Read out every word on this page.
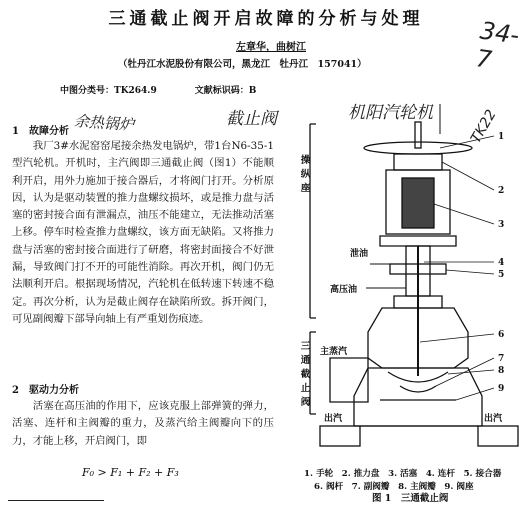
三通截止阀开启故障的分析与处理
左章华，曲树江
（牡丹江水泥股份有限公司，黑龙江　牡丹江　157041）
中图分类号：TK264.9	文献标识码：B
34-7
机阳汽轮机	TK22
余热锅炉	截止阀
1　故障分析
我厂3#水泥窑窑尾接余热发电锅炉，带1台N6-35-1型汽轮机。开机时，主汽阀即三通截止阀（图1）不能顺利开启，用外力施加于接合器后，才将阀门打开。分析原因，认为是驱动装置的推力盘螺纹损坏，或是推力盘与活塞的密封接合面有泄漏点，油压不能建立，无法推动活塞上移。停车时检查推力盘螺纹，该方面无缺陷。又将推力盘与活塞的密封接合面进行了研磨，将密封面接合不好泄漏，导致阀门打不开的可能性消除。再次开机，阀门仍无法顺利开启。根据现场情况，汽轮机在低转速下转速不稳定。再次分析，认为是截止阀存在缺陷所致。拆开阀门，可见副阀瓣下部导向轴上有严重划伤痕迹。
2　驱动力分析
活塞在高压油的作用下，应该克服上部弹簧的弹力，活塞、连杆和主阀瓣的重力，及蒸汽给主阀瓣向下的压力，才能上移，开启阀门，即
F₀ > F₁ + F₂ + F₃
1
2
3
4
5
6
7
8
9
泄油
高压油
主蒸汽
出汽	出汽
操纵座
三通截止阀
1. 手轮　2. 推力盘　3. 活塞　4. 连杆　5. 接合器
6. 阀杆　7. 副阀瓣　8. 主阀瓣　9. 阀座
图 1　三通截止阀
